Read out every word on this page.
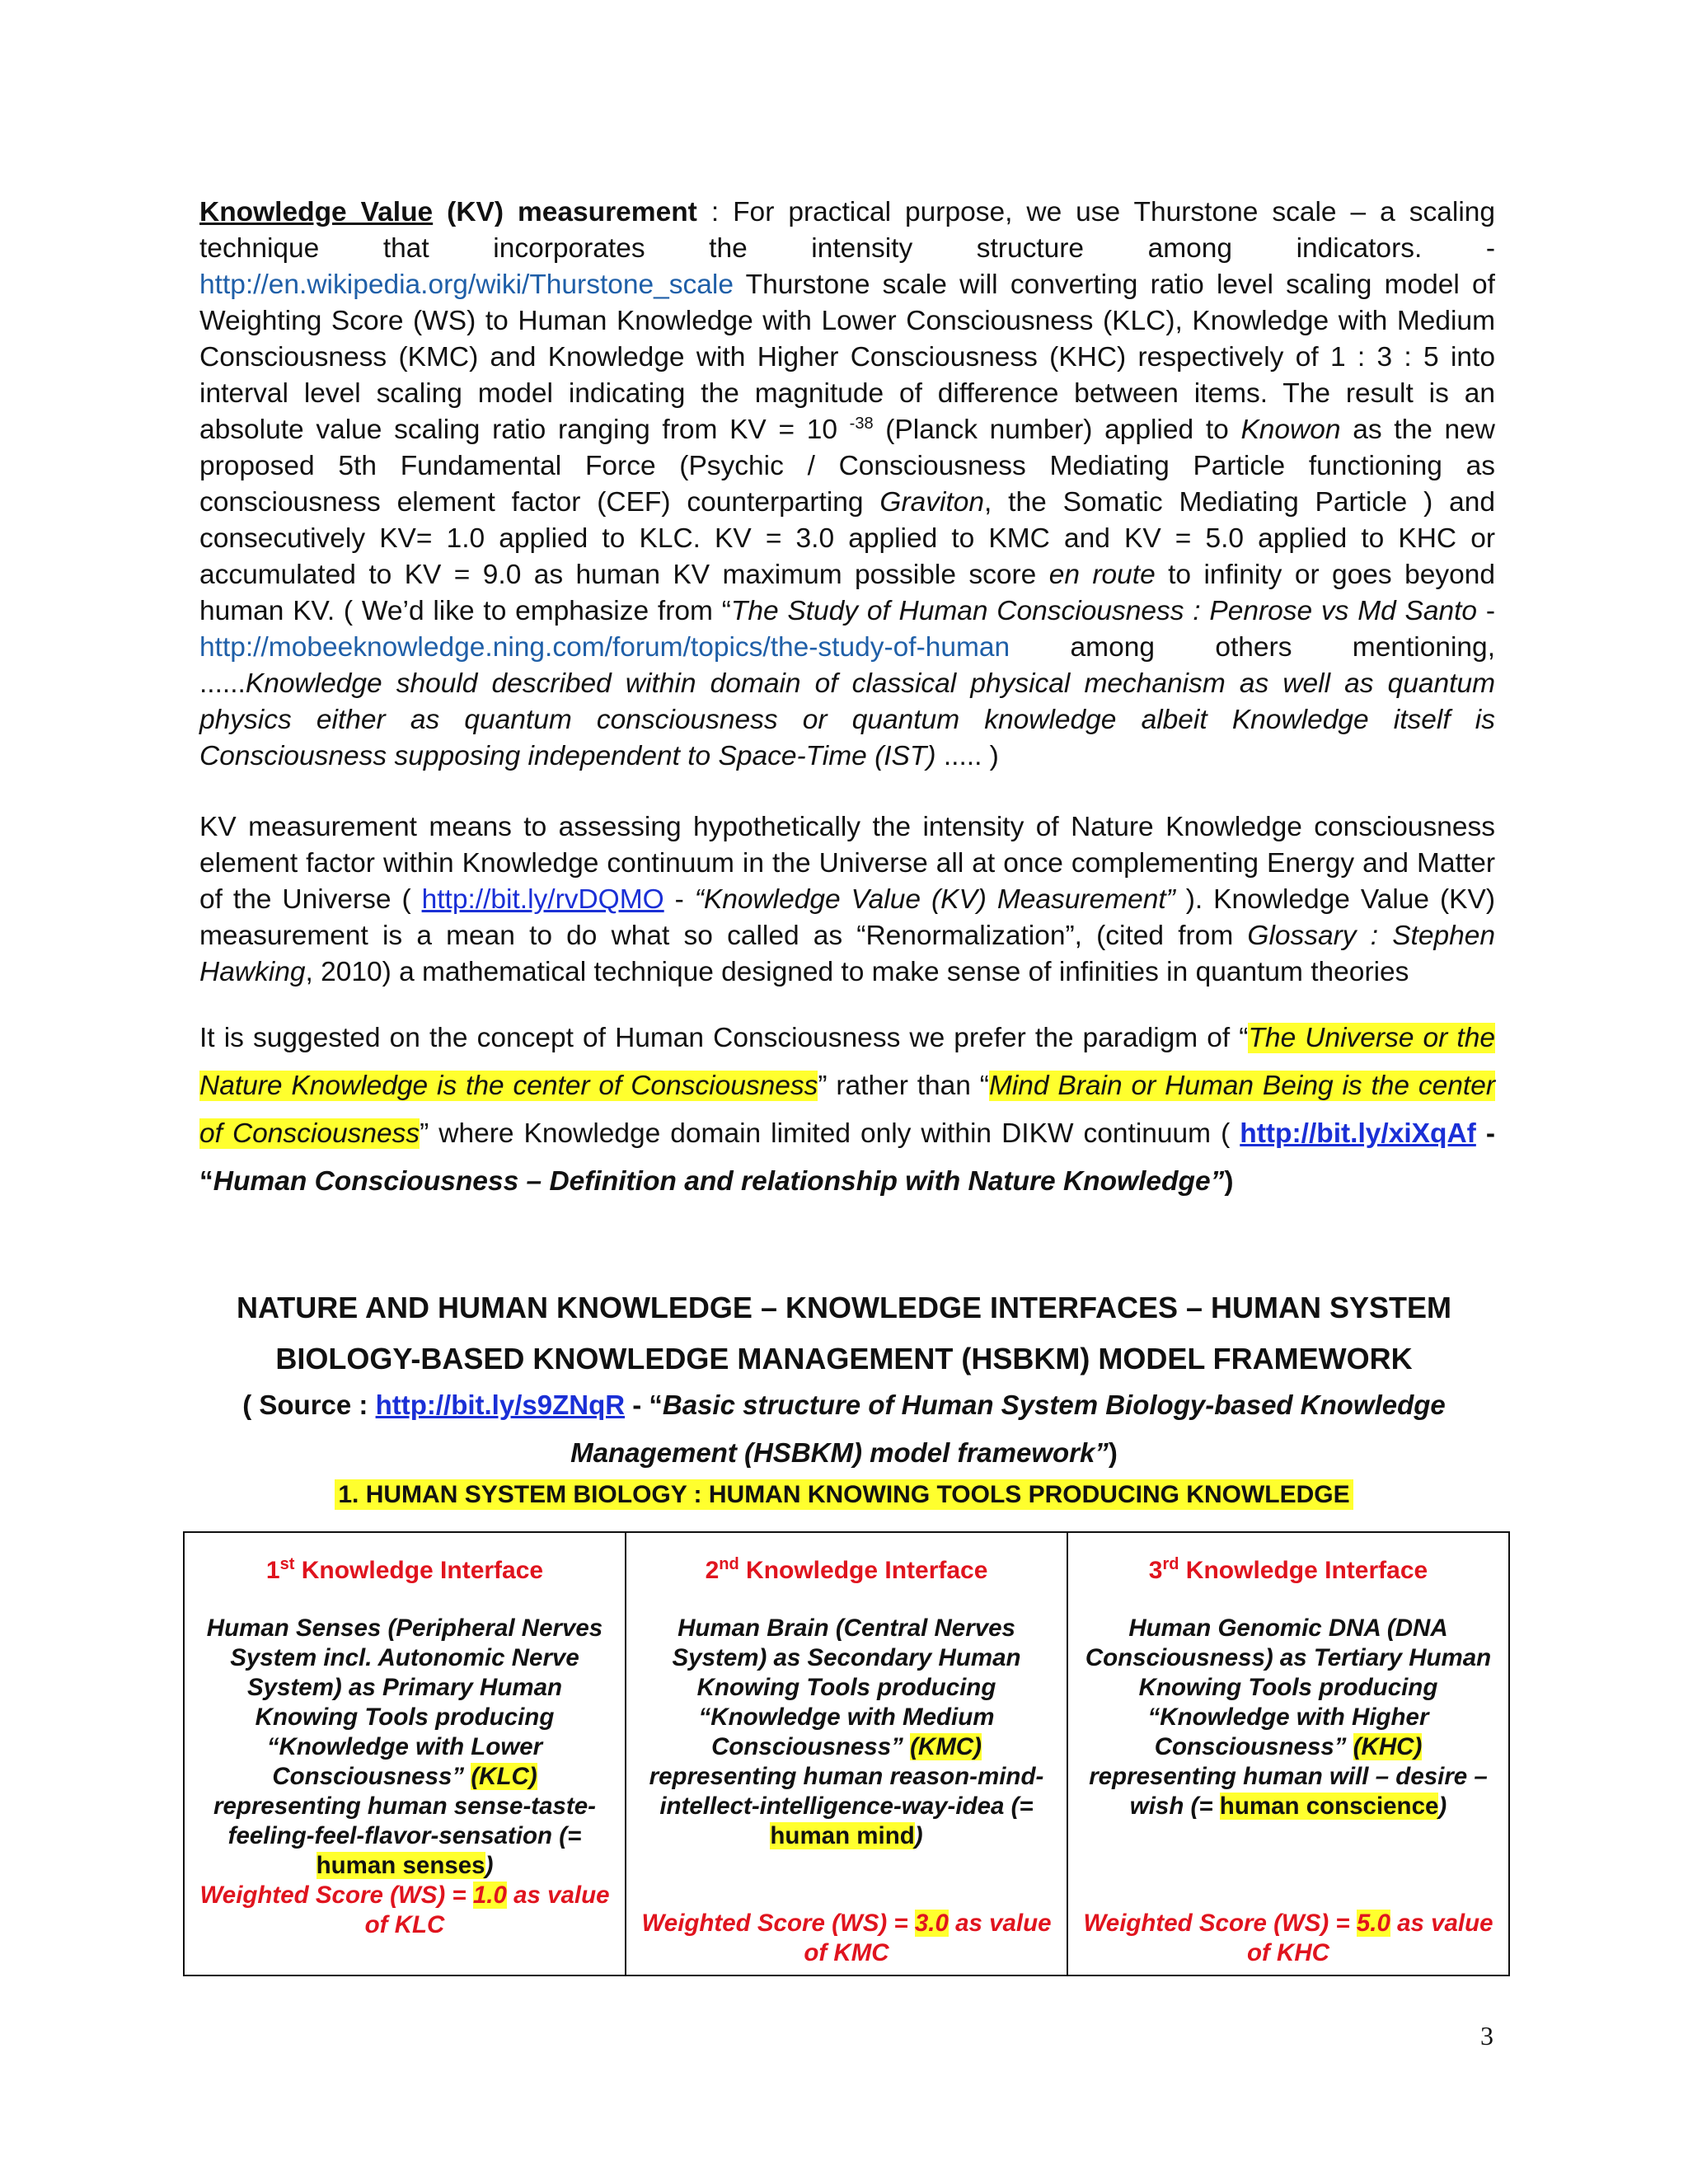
Knowledge Value (KV) measurement : For practical purpose, we use Thurstone scale – a scaling technique that incorporates the intensity structure among indicators. - http://en.wikipedia.org/wiki/Thurstone_scale Thurstone scale will converting ratio level scaling model of Weighting Score (WS) to Human Knowledge with Lower Consciousness (KLC), Knowledge with Medium Consciousness (KMC) and Knowledge with Higher Consciousness (KHC) respectively of 1 : 3 : 5 into interval level scaling model indicating the magnitude of difference between items. The result is an absolute value scaling ratio ranging from KV = 10 $^{-38}$ (Planck number) applied to Knowon as the new proposed 5th Fundamental Force (Psychic / Consciousness Mediating Particle functioning as consciousness element factor (CEF) counterparting Graviton, the Somatic Mediating Particle ) and consecutively KV= 1.0 applied to KLC. KV = 3.0 applied to KMC and KV = 5.0 applied to KHC or accumulated to KV = 9.0 as human KV maximum possible score en route to infinity or goes beyond human KV. ( We’d like to emphasize from “The Study of Human Consciousness : Penrose vs Md Santo - http://mobeeknowledge.ning.com/forum/topics/the-study-of-human among others mentioning, ......Knowledge should described within domain of classical physical mechanism as well as quantum physics either as quantum consciousness or quantum knowledge albeit Knowledge itself is Consciousness supposing independent to Space-Time (IST) ..... )
KV measurement means to assessing hypothetically the intensity of Nature Knowledge consciousness element factor within Knowledge continuum in the Universe all at once complementing Energy and Matter of the Universe ( http://bit.ly/rvDQMO - “Knowledge Value (KV) Measurement” ). Knowledge Value (KV) measurement is a mean to do what so called as “Renormalization”, (cited from Glossary : Stephen Hawking, 2010) a mathematical technique designed to make sense of infinities in quantum theories
It is suggested on the concept of Human Consciousness we prefer the paradigm of “The Universe or the Nature Knowledge is the center of Consciousness” rather than “Mind Brain or Human Being is the center of Consciousness” where Knowledge domain limited only within DIKW continuum ( http://bit.ly/xiXqAf - “Human Consciousness – Definition and relationship with Nature Knowledge”)
NATURE AND HUMAN KNOWLEDGE – KNOWLEDGE INTERFACES – HUMAN SYSTEM
BIOLOGY-BASED KNOWLEDGE MANAGEMENT (HSBKM) MODEL FRAMEWORK
( Source : http://bit.ly/s9ZNqR - “Basic structure of Human System Biology-based Knowledge Management (HSBKM) model framework”)
1. HUMAN SYSTEM BIOLOGY : HUMAN KNOWING TOOLS PRODUCING KNOWLEDGE
1st Knowledge Interface
Human Senses (Peripheral Nerves System incl. Autonomic Nerve System) as Primary Human Knowing Tools producing “Knowledge with Lower Consciousness” (KLC) representing human sense-taste-feeling-feel-flavor-sensation (= human senses)
Weighted Score (WS) = 1.0 as value of KLC

2nd Knowledge Interface
Human Brain (Central Nerves System) as Secondary Human Knowing Tools producing “Knowledge with Medium Consciousness” (KMC) representing human reason-mind-intellect-intelligence-way-idea (= human mind)
Weighted Score (WS) = 3.0 as value of KMC

3rd Knowledge Interface
Human Genomic DNA (DNA Consciousness) as Tertiary Human Knowing Tools producing “Knowledge with Higher Consciousness” (KHC) representing human will – desire – wish (= human conscience)
Weighted Score (WS) = 5.0 as value of KHC
3
